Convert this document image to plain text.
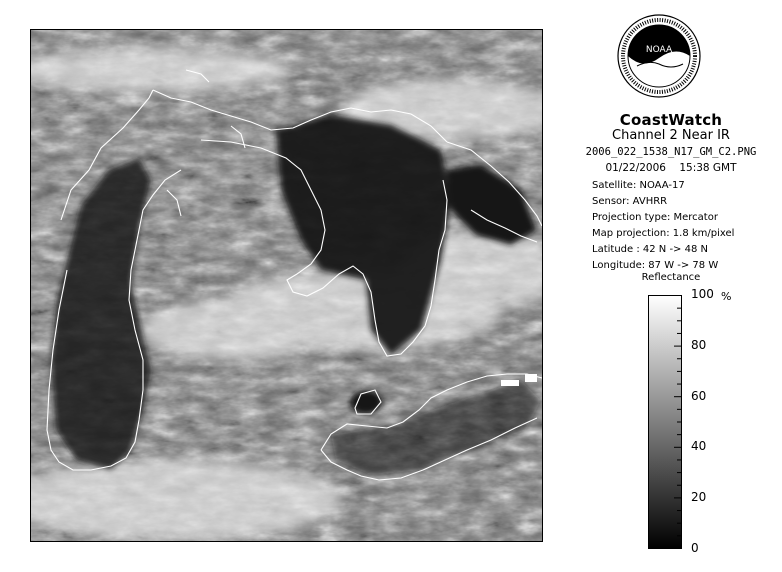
NOAA
CoastWatch
Channel 2 Near IR
2006_022_1538_N17_GM_C2.PNG
01/22/2006 15:38 GMT
Satellite: NOAA-17
Sensor: AVHRR
Projection type: Mercator
Map projection: 1.8 km/pixel
Latitude : 42 N -> 48 N
Longitude: 87 W -> 78 W
Reflectance
100
80
60
40
20
0
%
